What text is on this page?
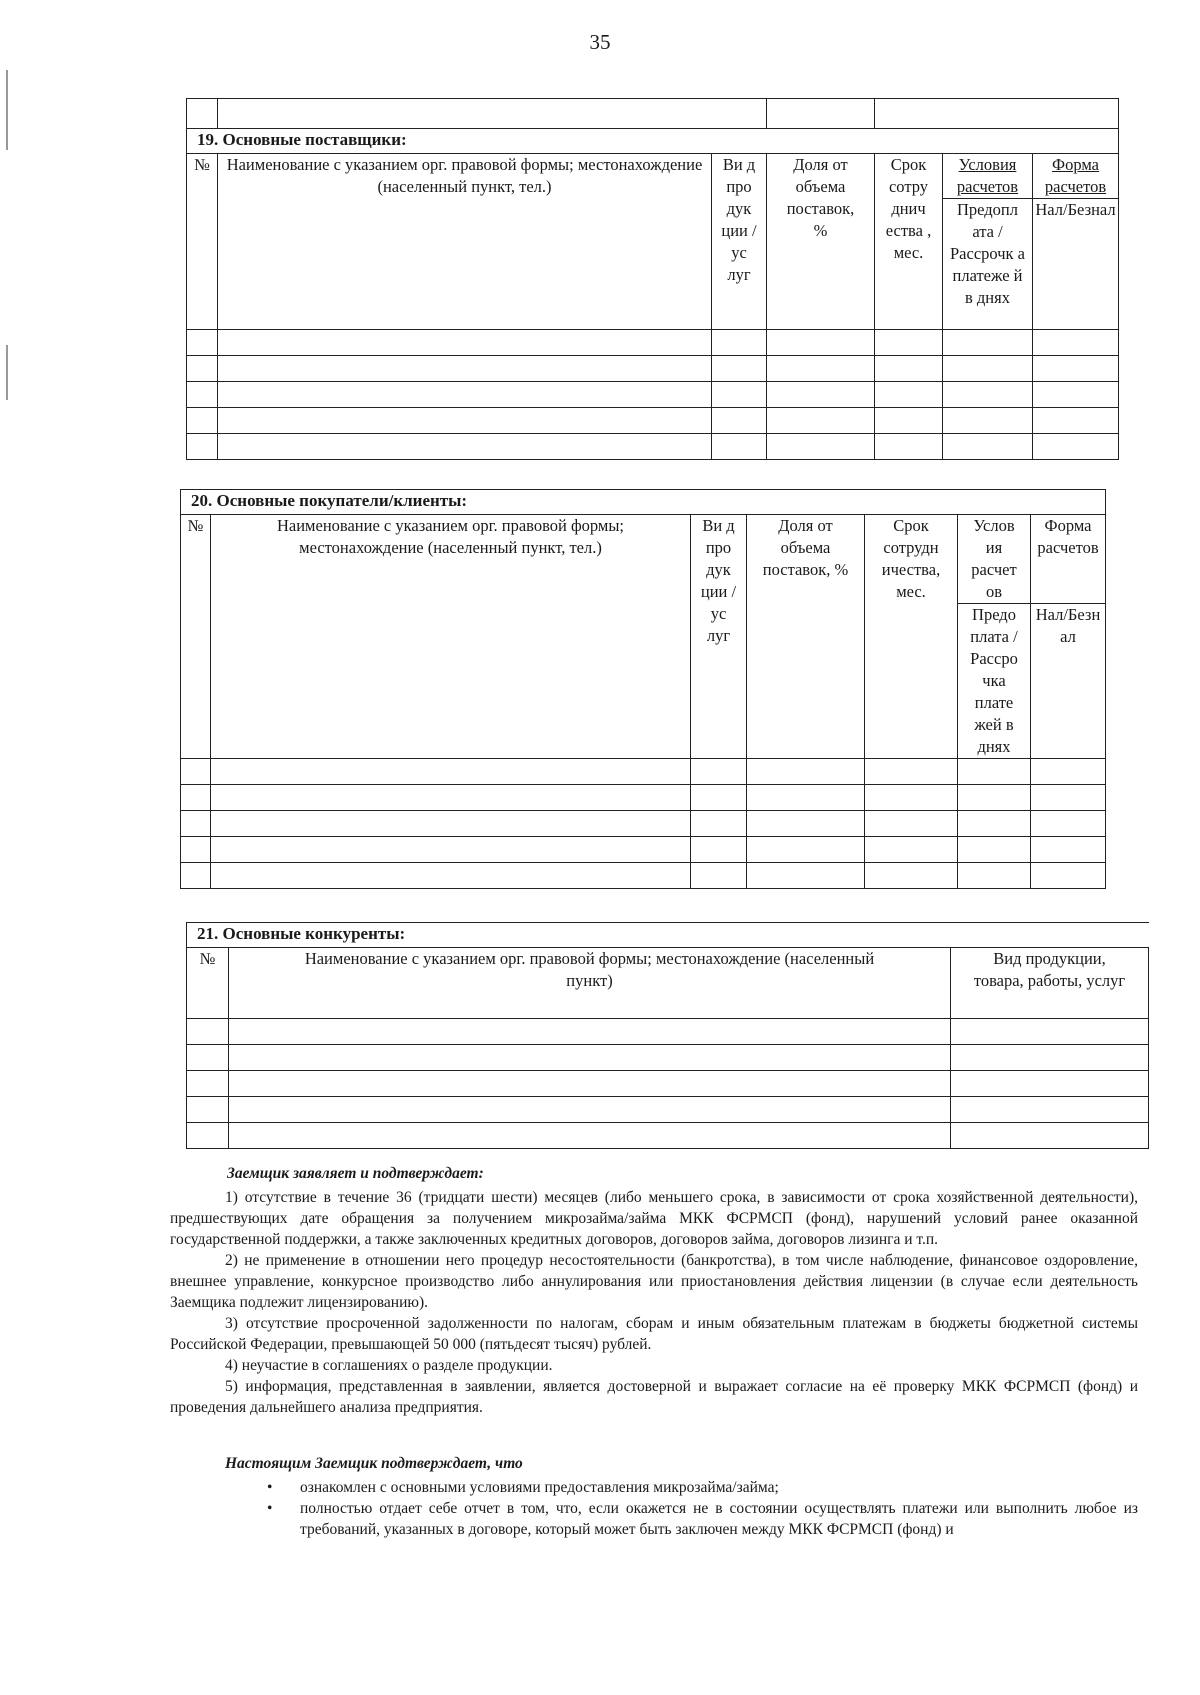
35

19. Основные поставщики:						
№	Наименование с указанием орг. правовой формы; местонахождение (населенный пункт, тел.)	Ви д про дук ции /ус луг	Доля от объема поставок, %	Срок сотру днич ества , мес.	Условия расчетов	Форма расчетов
					Предопл ата / Рассрочк а платеже й в днях	Нал/Безнал

20. Основные покупатели/клиенты:						
№	Наименование с указанием орг. правовой формы; местонахождение (населенный пункт, тел.)	Ви д про дук ции /ус луг	Доля от объема поставок, %	Срок сотрудн ичества, мес.	Услов ия расчет ов	Форма расчетов
					Предо плата / Рассро чка плате жей в днях	Нал/Безн ал

21. Основные конкуренты:		
№	Наименование с указанием орг. правовой формы; местонахождение (населенный пункт)	Вид продукции, товара, работы, услуг

Заемщик заявляет и подтверждает:

1) отсутствие в течение 36 (тридцати шести) месяцев (либо меньшего срока, в зависимости от срока хозяйственной деятельности), предшествующих дате обращения за получением микрозайма/займа МКК ФСРМСП (фонд), нарушений условий ранее оказанной государственной поддержки, а также заключенных кредитных договоров, договоров займа, договоров лизинга и т.п.

2) не применение в отношении него процедур несостоятельности (банкротства), в том числе наблюдение, финансовое оздоровление, внешнее управление, конкурсное производство либо аннулирования или приостановления действия лицензии (в случае если деятельность Заемщика подлежит лицензированию).

3) отсутствие просроченной задолженности по налогам, сборам и иным обязательным платежам в бюджеты бюджетной системы Российской Федерации, превышающей 50 000 (пятьдесят тысяч) рублей.

4) неучастие в соглашениях о разделе продукции.

5) информация, представленная в заявлении, является достоверной и выражает согласие на её проверку МКК ФСРМСП (фонд) и проведения дальнейшего анализа предприятия.

Настоящим Заемщик подтверждает, что
• ознакомлен с основными условиями предоставления микрозайма/займа;
• полностью отдает себе отчет в том, что, если окажется не в состоянии осуществлять платежи или выполнить любое из требований, указанных в договоре, который может быть заключен между МКК ФСРМСП (фонд) и
